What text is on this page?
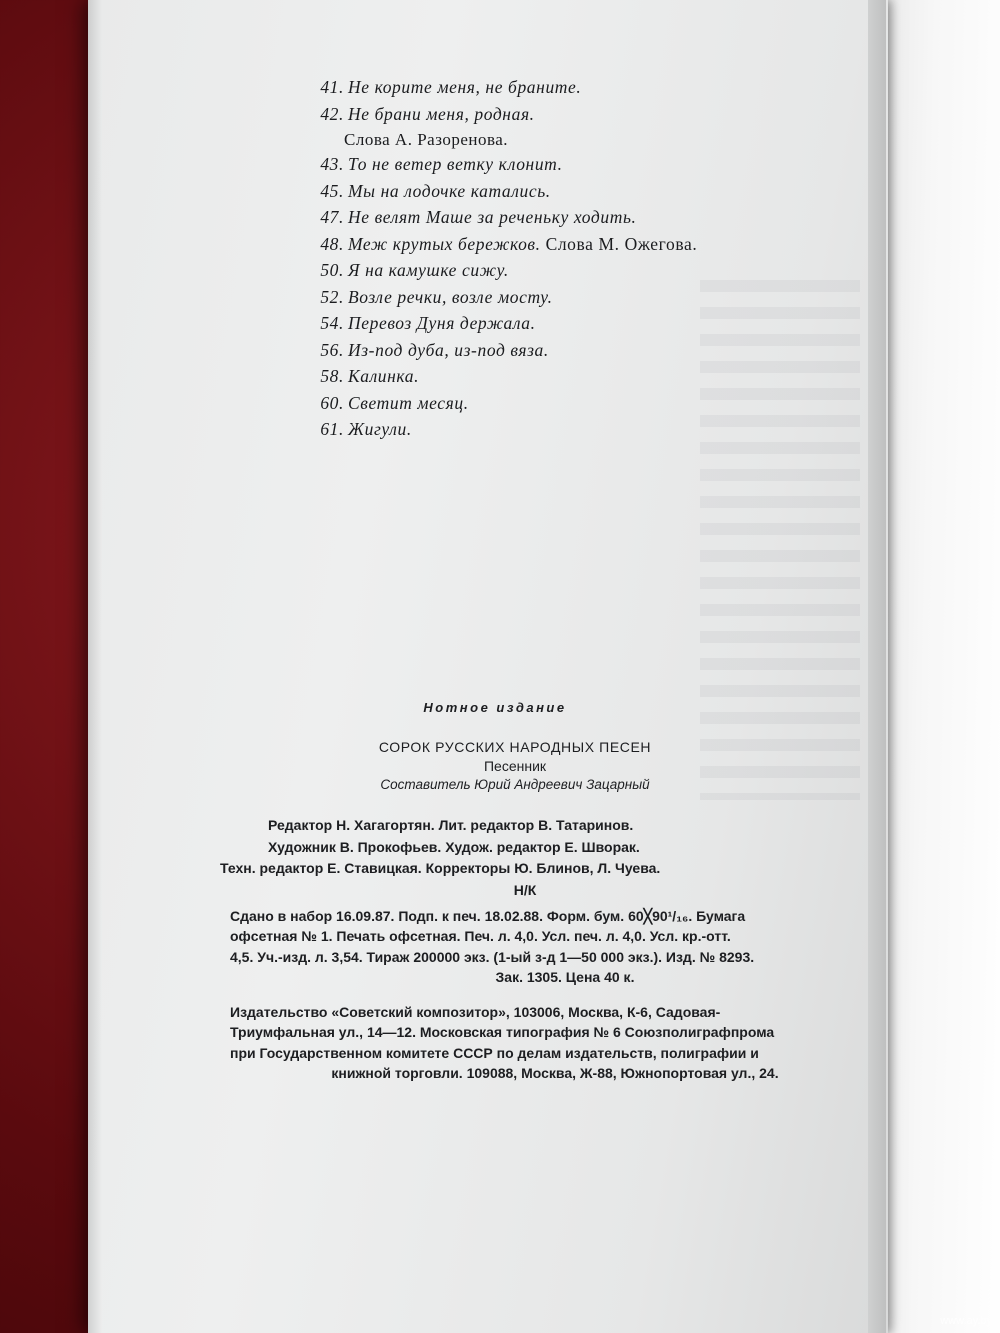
41. Не корите меня, не браните.
42. Не брани меня, родная.
Слова А. Разоренова.
43. То не ветер ветку клонит.
45. Мы на лодочке катались.
47. Не велят Маше за реченьку ходить.
48. Меж крутых бережков. Слова М. Ожегова.
50. Я на камушке сижу.
52. Возле речки, возле мосту.
54. Перевоз Дуня держала.
56. Из-под дуба, из-под вяза.
58. Калинка.
60. Светит месяц.
61. Жигули.
Нотное издание
СОРОК РУССКИХ НАРОДНЫХ ПЕСЕН
Песенник
Составитель Юрий Андреевич Зацарный
Редактор Н. Хагагортян. Лит. редактор В. Татаринов.
Художник В. Прокофьев. Худож. редактор Е. Шворак.
Техн. редактор Е. Ставицкая. Корректоры Ю. Блинов, Л. Чуева.
Н/К
Сдано в набор 16.09.87. Подп. к печ. 18.02.88. Форм. бум. 60╳90¹/₁₆. Бумага
офсетная № 1. Печать офсетная. Печ. л. 4,0. Усл. печ. л. 4,0. Усл. кр.-отт.
4,5. Уч.-изд. л. 3,54. Тираж 200000 экз. (1-ый з-д 1—50 000 экз.). Изд. № 8293.
Зак. 1305. Цена 40 к.
Издательство «Советский композитор», 103006, Москва, К-6, Садовая-
Триумфальная ул., 14—12. Московская типография № 6 Союзполиграфпрома
при Государственном комитете СССР по делам издательств, полиграфии и
книжной торговли. 109088, Москва, Ж-88, Южнопортовая ул., 24.
www.ay.by
